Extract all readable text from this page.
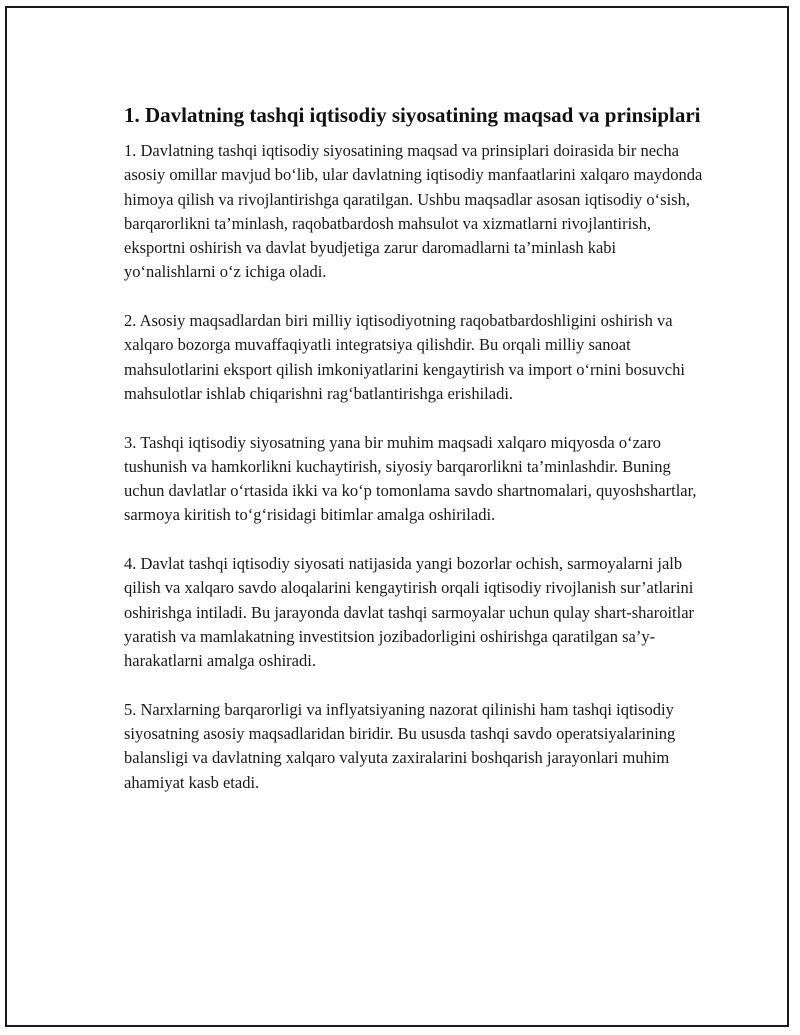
1. Davlatning tashqi iqtisodiy siyosatining maqsad va prinsiplari

1. Davlatning tashqi iqtisodiy siyosatining maqsad va prinsiplari doirasida bir necha asosiy omillar mavjud bo‘lib, ular davlatning iqtisodiy manfaatlarini xalqaro maydonda himoya qilish va rivojlantirishga qaratilgan. Ushbu maqsadlar asosan iqtisodiy o‘sish, barqarorlikni ta’minlash, raqobatbardosh mahsulot va xizmatlarni rivojlantirish, eksportni oshirish va davlat byudjetiga zarur daromadlarni ta’minlash kabi yo‘nalishlarni o‘z ichiga oladi.

2. Asosiy maqsadlardan biri milliy iqtisodiyotning raqobatbardoshligini oshirish va xalqaro bozorga muvaffaqiyatli integratsiya qilishdir. Bu orqali milliy sanoat mahsulotlarini eksport qilish imkoniyatlarini kengaytirish va import o‘rnini bosuvchi mahsulotlar ishlab chiqarishni rag‘batlantirishga erishiladi.

3. Tashqi iqtisodiy siyosatning yana bir muhim maqsadi xalqaro miqyosda o‘zaro tushunish va hamkorlikni kuchaytirish, siyosiy barqarorlikni ta’minlashdir. Buning uchun davlatlar o‘rtasida ikki va ko‘p tomonlama savdo shartnomalari, quyoshshartlar, sarmoya kiritish to‘g‘risidagi bitimlar amalga oshiriladi.

4. Davlat tashqi iqtisodiy siyosati natijasida yangi bozorlar ochish, sarmoyalarni jalb qilish va xalqaro savdo aloqalarini kengaytirish orqali iqtisodiy rivojlanish sur’atlarini oshirishga intiladi. Bu jarayonda davlat tashqi sarmoyalar uchun qulay shart-sharoitlar yaratish va mamlakatning investitsion jozibadorligini oshirishga qaratilgan sa’y-harakatlarni amalga oshiradi.

5. Narxlarning barqarorligi va inflyatsiyaning nazorat qilinishi ham tashqi iqtisodiy siyosatning asosiy maqsadlaridan biridir. Bu ususda tashqi savdo operatsiyalarining balansligi va davlatning xalqaro valyuta zaxiralarini boshqarish jarayonlari muhim ahamiyat kasb etadi.
